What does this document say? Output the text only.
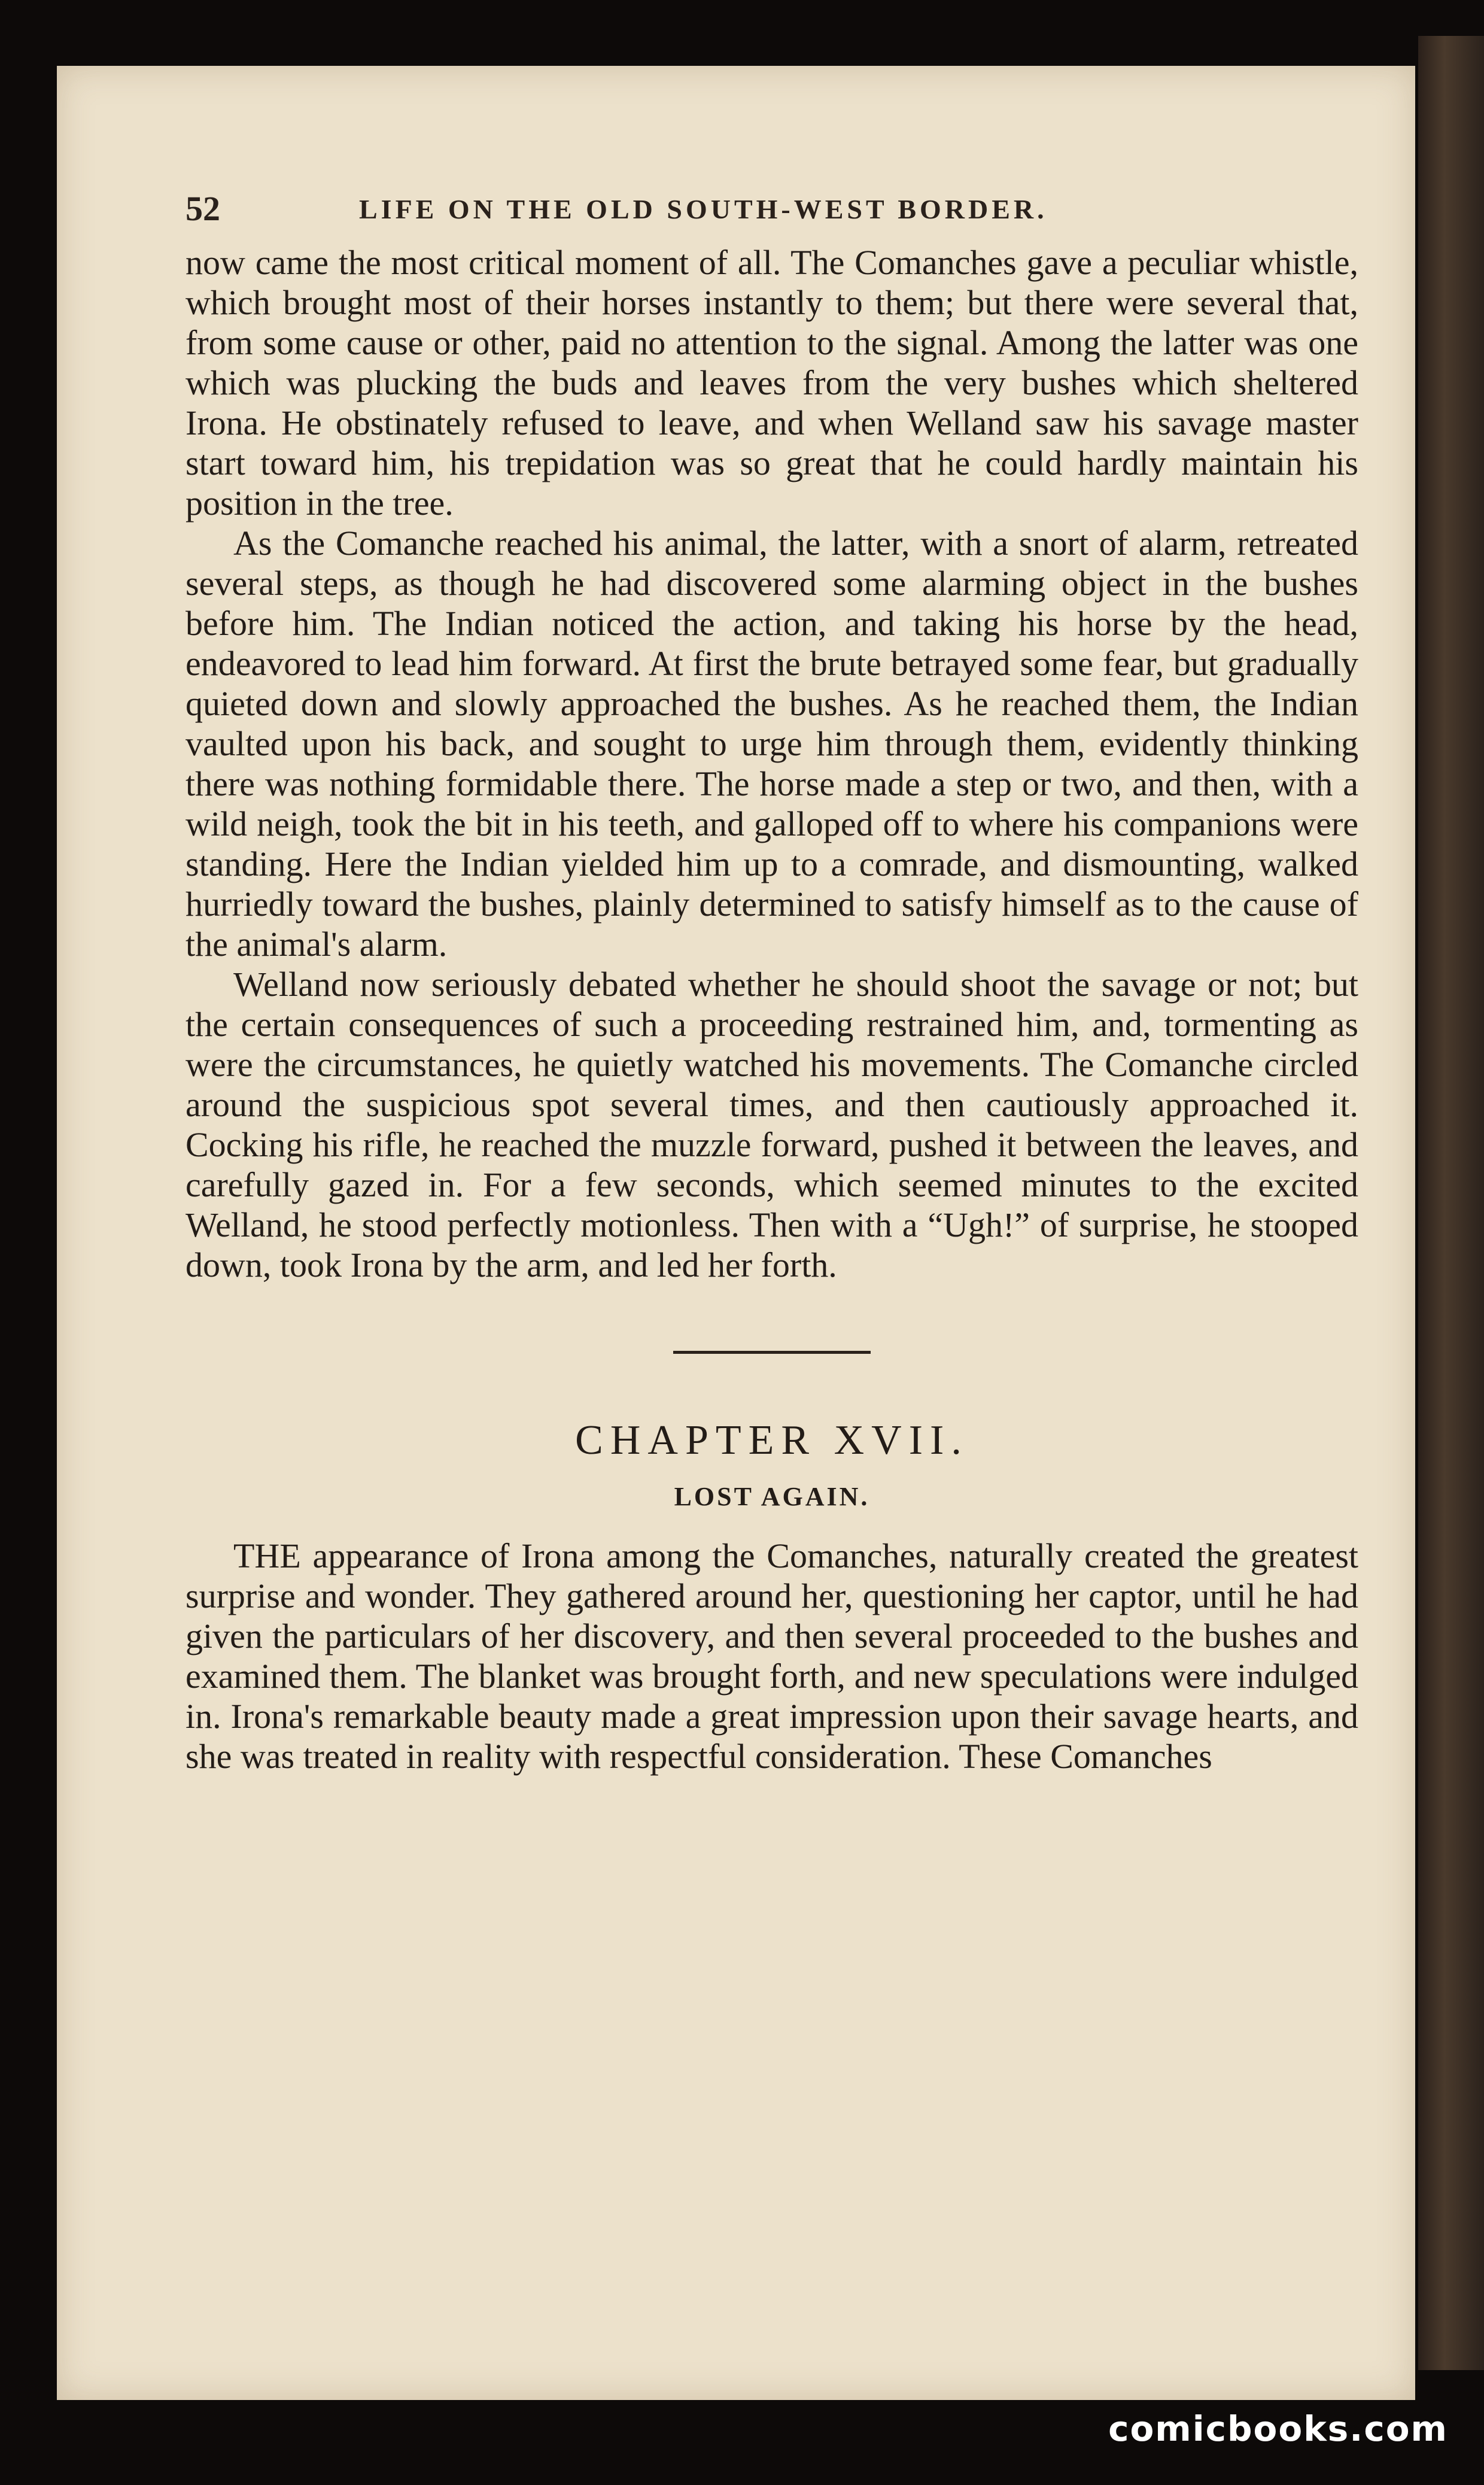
52	LIFE ON THE OLD SOUTH-WEST BORDER.

now came the most critical moment of all. The Comanches gave a peculiar whistle, which brought most of their horses instantly to them; but there were several that, from some cause or other, paid no attention to the signal. Among the latter was one which was plucking the buds and leaves from the very bushes which sheltered Irona. He obstinately refused to leave, and when Welland saw his savage master start toward him, his trepidation was so great that he could hardly maintain his position in the tree.

As the Comanche reached his animal, the latter, with a snort of alarm, retreated several steps, as though he had discovered some alarming object in the bushes before him. The Indian noticed the action, and taking his horse by the head, endeavored to lead him forward. At first the brute betrayed some fear, but gradually quieted down and slowly approached the bushes. As he reached them, the Indian vaulted upon his back, and sought to urge him through them, evidently thinking there was nothing formidable there. The horse made a step or two, and then, with a wild neigh, took the bit in his teeth, and galloped off to where his companions were standing. Here the Indian yielded him up to a comrade, and dismounting, walked hurriedly toward the bushes, plainly determined to satisfy himself as to the cause of the animal's alarm.

Welland now seriously debated whether he should shoot the savage or not; but the certain consequences of such a proceeding restrained him, and, tormenting as were the circumstances, he quietly watched his movements. The Comanche circled around the suspicious spot several times, and then cautiously approached it. Cocking his rifle, he reached the muzzle forward, pushed it between the leaves, and carefully gazed in. For a few seconds, which seemed minutes to the excited Welland, he stood perfectly motionless. Then with a “Ugh!” of surprise, he stooped down, took Irona by the arm, and led her forth.

CHAPTER XVII.
LOST AGAIN.

THE appearance of Irona among the Comanches, naturally created the greatest surprise and wonder. They gathered around her, questioning her captor, until he had given the particulars of her discovery, and then several proceeded to the bushes and examined them. The blanket was brought forth, and new speculations were indulged in. Irona's remarkable beauty made a great impression upon their savage hearts, and she was treated in reality with respectful consideration. These Comanches

comicbooks.com
